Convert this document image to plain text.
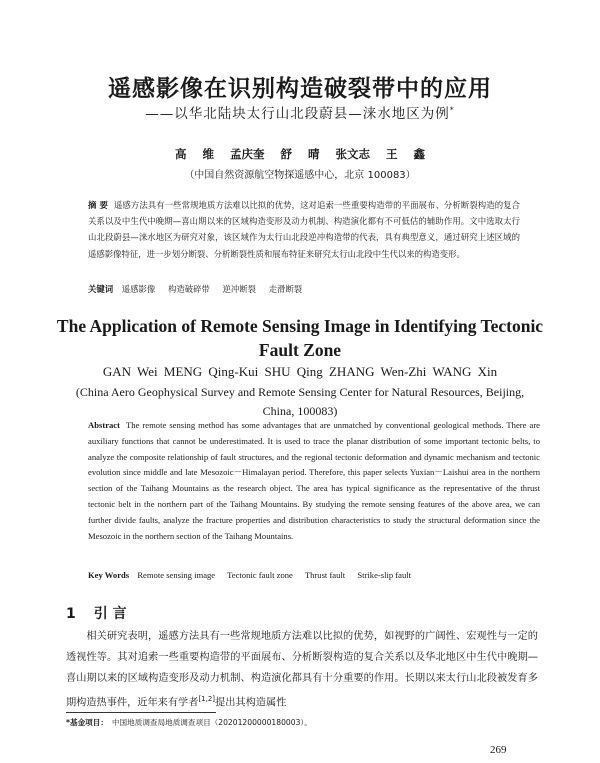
遥感影像在识别构造破裂带中的应用
——以华北陆块太行山北段蔚县—涞水地区为例*
高 维 孟庆奎 舒 晴 张文志 王 鑫
（中国自然资源航空物探遥感中心，北京 100083）

摘 要 遥感方法具有一些常规地质方法难以比拟的优势，这对追索一些重要构造带的平面展布、分析断裂构造的复合关系以及中生代中晚期—喜山期以来的区域构造变形及动力机制、构造演化都有不可低估的辅助作用。文中选取太行山北段蔚县—涞水地区为研究对象，该区域作为太行山北段逆冲构造带的代表，具有典型意义，通过研究上述区域的遥感影像特征，进一步划分断裂、分析断裂性质和展布特征来研究太行山北段中生代以来的构造变形。

关键词 遥感影像 构造破碎带 逆冲断裂 走滑断裂
The Application of Remote Sensing Image in Identifying Tectonic Fault Zone
GAN Wei MENG Qing-Kui SHU Qing ZHANG Wen-Zhi WANG Xin
(China Aero Geophysical Survey and Remote Sensing Center for Natural Resources, Beijing, China, 100083)

Abstract The remote sensing method has some advantages that are unmatched by conventional geological methods. There are auxiliary functions that cannot be underestimated. It is used to trace the planar distribution of some important tectonic belts, to analyze the composite relationship of fault structures, and the regional tectonic deformation and dynamic mechanism and tectonic evolution since middle and late Mesozoic－Himalayan period. Therefore, this paper selects Yuxian－Laishui area in the northern section of the Taihang Mountains as the research object. The area has typical significance as the representative of the thrust tectonic belt in the northern part of the Taihang Mountains. By studying the remote sensing features of the above area, we can further divide faults, analyze the fracture properties and distribution characteristics to study the structural deformation since the Mesozoic in the northern section of the Taihang Mountains.

Key Words Remote sensing image Tectonic fault zone Thrust fault Strike-slip fault
1 引 言

相关研究表明，遥感方法具有一些常规地质方法难以比拟的优势，如视野的广阔性、宏观性与一定的透视性等。其对追索一些重要构造带的平面展布、分析断裂构造的复合关系以及华北地区中生代中晚期—喜山期以来的区域构造变形及动力机制、构造演化都具有十分重要的作用。长期以来太行山北段被发育多期构造热事件，近年来有学者[1,2]提出其构造属性

*基金项目： 中国地质调查局地质调查项目（20201200000180003）。
269
